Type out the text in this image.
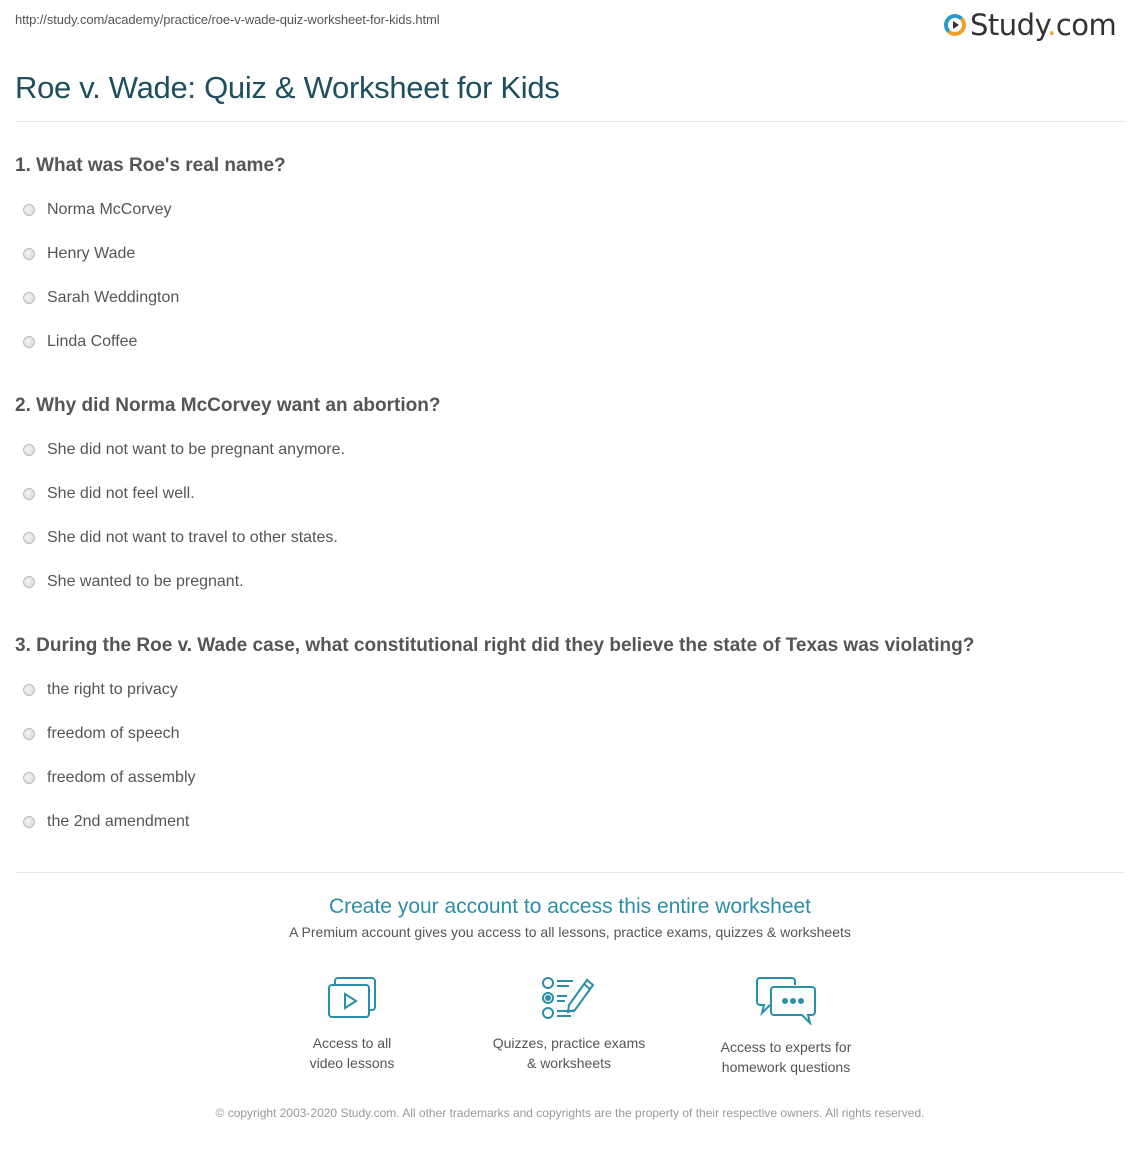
http://study.com/academy/practice/roe-v-wade-quiz-worksheet-for-kids.html	Study.com
Roe v. Wade: Quiz & Worksheet for Kids
1. What was Roe's real name?
Norma McCorvey
Henry Wade
Sarah Weddington
Linda Coffee
2. Why did Norma McCorvey want an abortion?
She did not want to be pregnant anymore.
She did not feel well.
She did not want to travel to other states.
She wanted to be pregnant.
3. During the Roe v. Wade case, what constitutional right did they believe the state of Texas was violating?
the right to privacy
freedom of speech
freedom of assembly
the 2nd amendment
Create your account to access this entire worksheet
A Premium account gives you access to all lessons, practice exams, quizzes & worksheets
Access to all
video lessons
Quizzes, practice exams
& worksheets
Access to experts for
homework questions
© copyright 2003-2020 Study.com. All other trademarks and copyrights are the property of their respective owners. All rights reserved.
